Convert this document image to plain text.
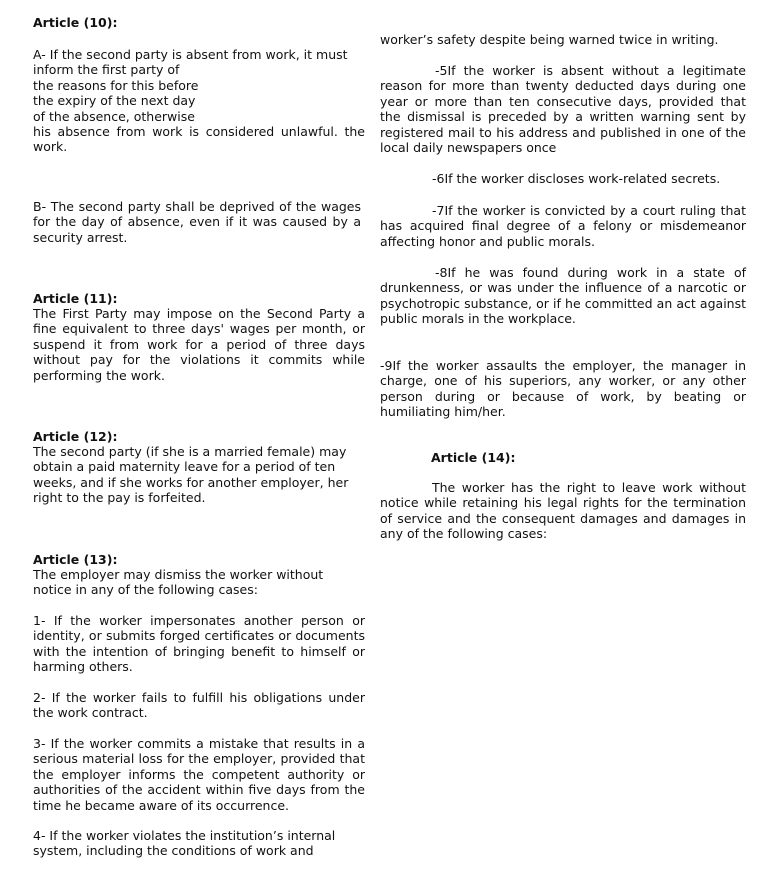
Article (10):
A- If the second party is absent from work, it must
inform the first party of
the reasons for this before
the expiry of the next day
of the absence, otherwise
his absence from work is considered unlawful. the work.
B- The second party shall be deprived of the wages for the day of absence, even if it was caused by a security arrest.
Article (11):
The First Party may impose on the Second Party a fine equivalent to three days' wages per month, or suspend it from work for a period of three days without pay for the violations it commits while performing the work.
Article (12):
The second party (if she is a married female) may obtain a paid maternity leave for a period of ten weeks, and if she works for another employer, her right to the pay is forfeited.
Article (13):
The employer may dismiss the worker without notice in any of the following cases:
1- If the worker impersonates another person or identity, or submits forged certificates or documents with the intention of bringing benefit to himself or harming others.
2- If the worker fails to fulfill his obligations under the work contract.
3- If the worker commits a mistake that results in a serious material loss for the employer, provided that the employer informs the competent authority or authorities of the accident within five days from the time he became aware of its occurrence.
4- If the worker violates the institution’s internal system, including the conditions of work and
worker’s safety despite being warned twice in writing.
-5If the worker is absent without a legitimate reason for more than twenty deducted days during one year or more than ten consecutive days, provided that the dismissal is preceded by a written warning sent by registered mail to his address and published in one of the local daily newspapers once
-6If the worker discloses work-related secrets.
-7If the worker is convicted by a court ruling that has acquired final degree of a felony or misdemeanor affecting honor and public morals.
-8If he was found during work in a state of drunkenness, or was under the influence of a narcotic or psychotropic substance, or if he committed an act against public morals in the workplace.
-9If the worker assaults the employer, the manager in charge, one of his superiors, any worker, or any other person during or because of work, by beating or humiliating him/her.
Article (14):
The worker has the right to leave work without notice while retaining his legal rights for the termination of service and the consequent damages and damages in any of the following cases:
